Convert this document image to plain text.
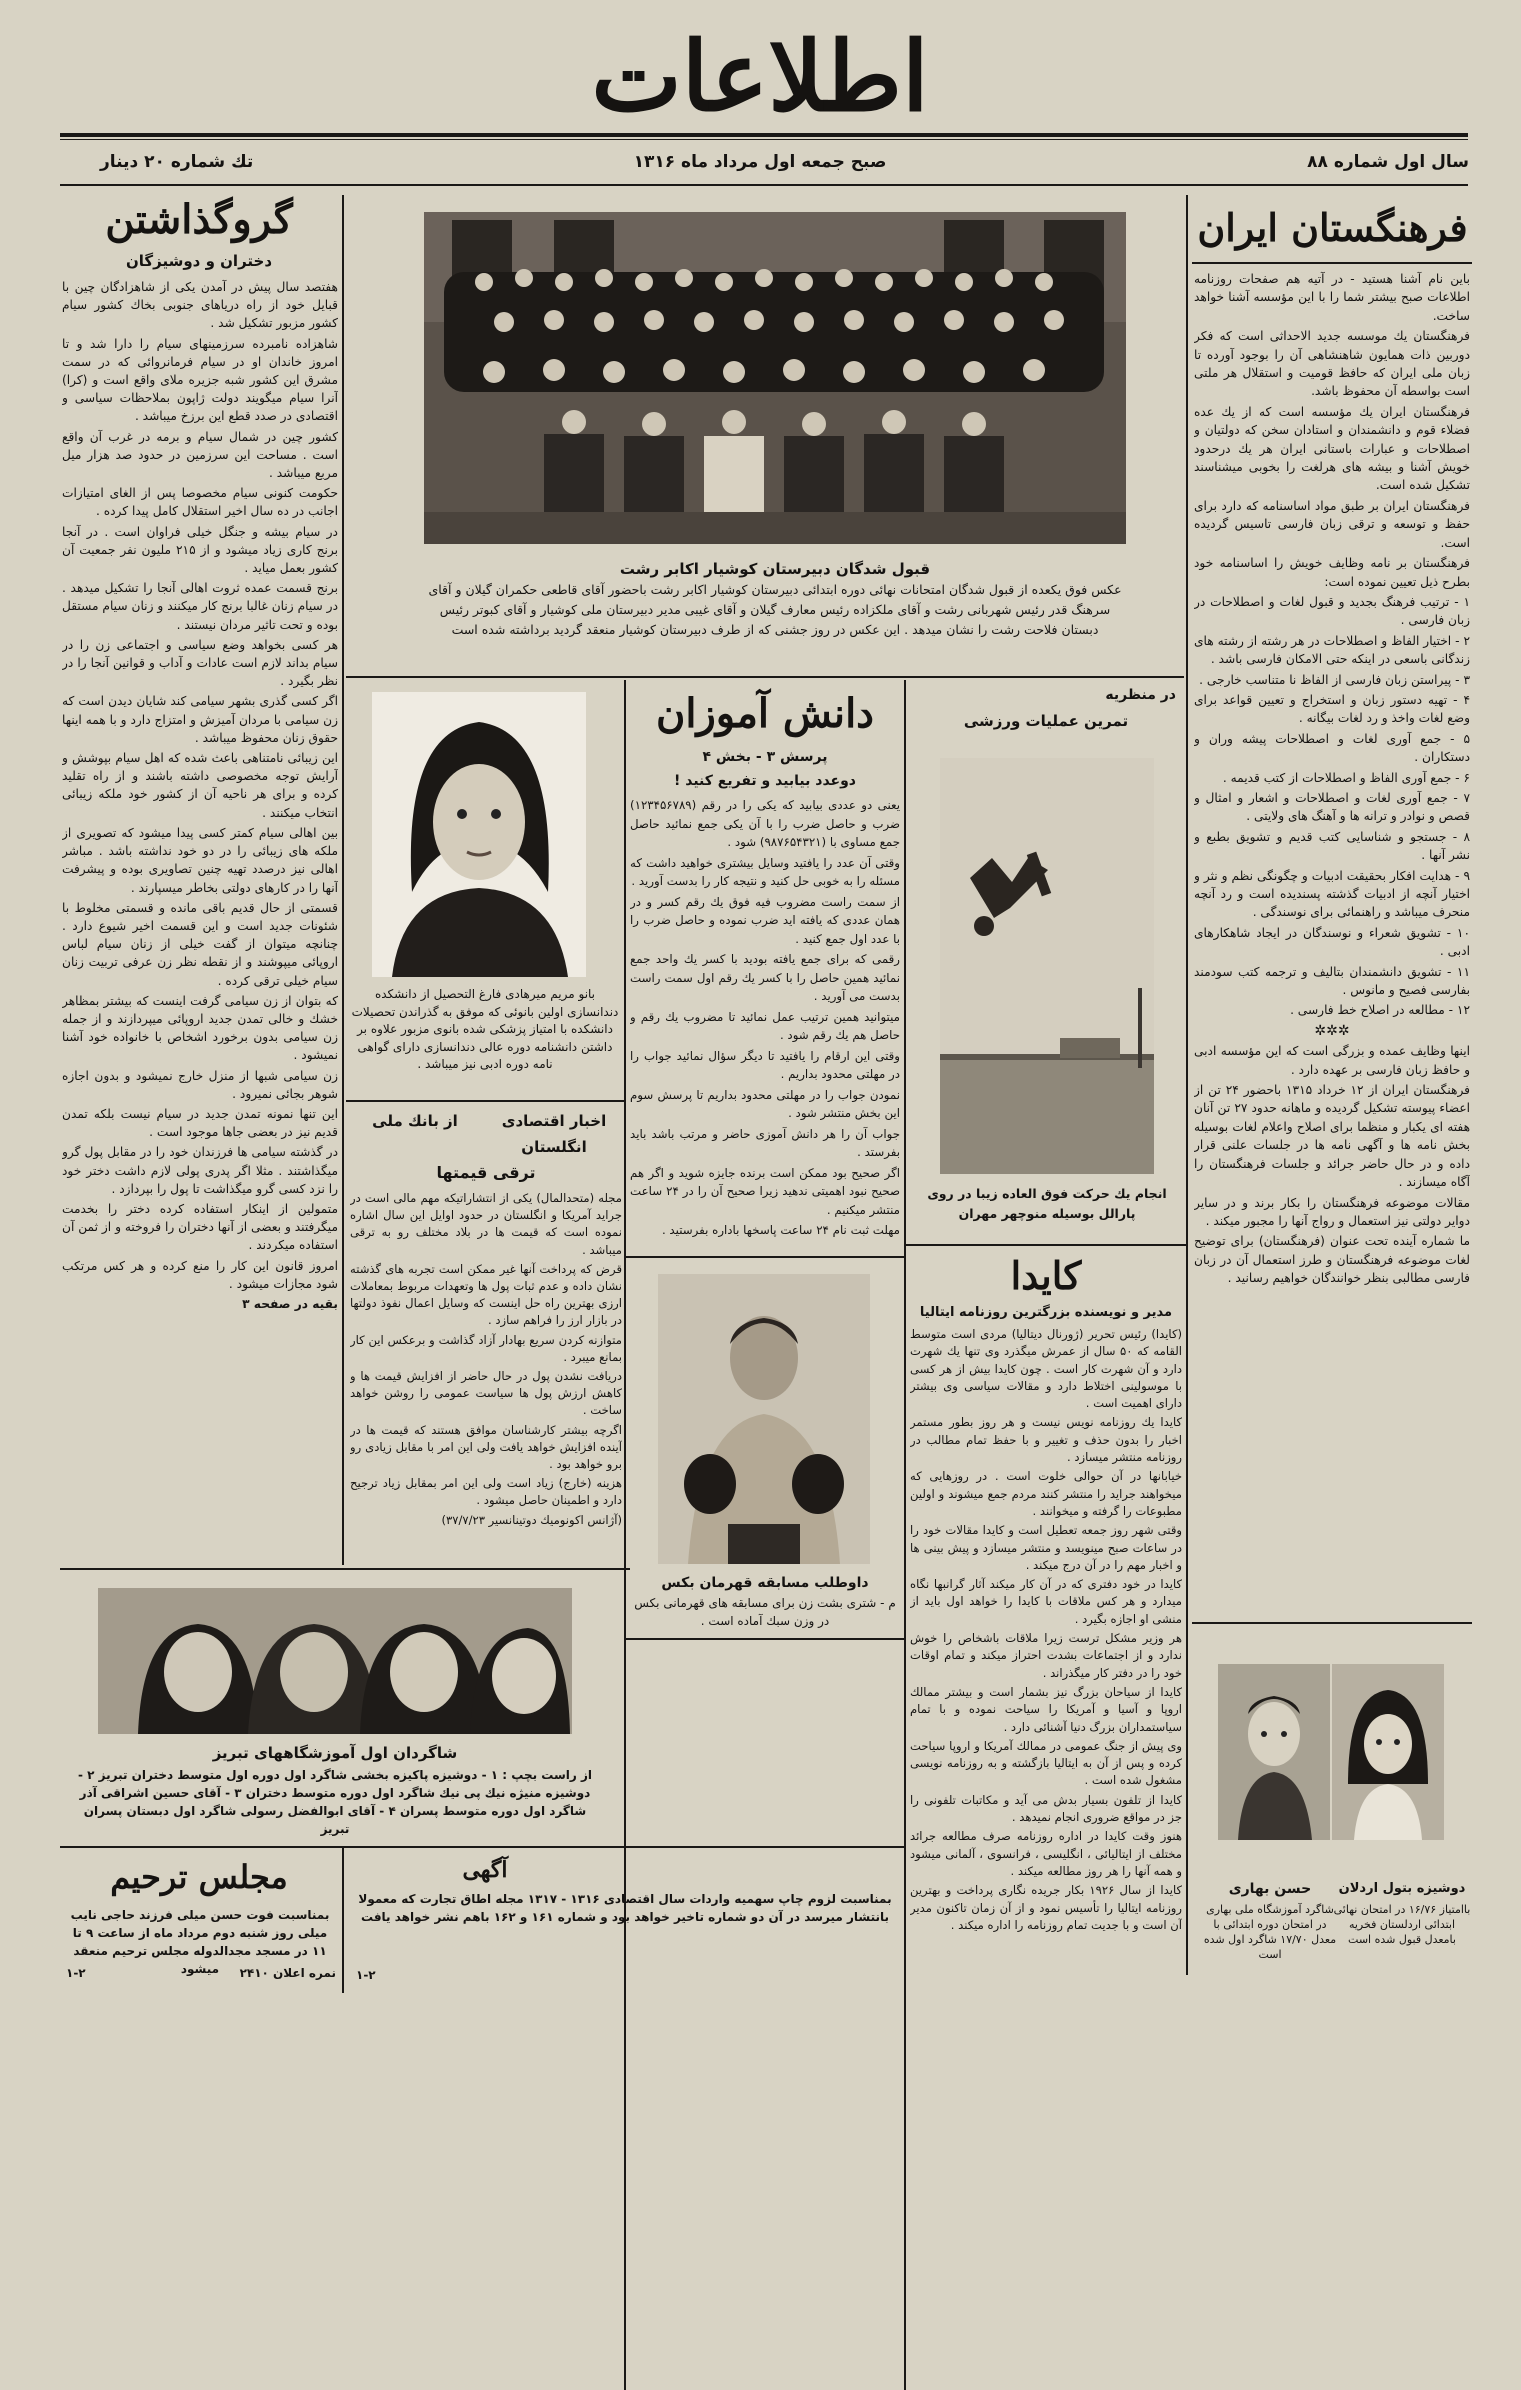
اطلاعات
سال اول شماره ۸۸
صبح جمعه اول مرداد ماه ۱۳۱۶
تك شماره ۲۰ دینار
فرهنگستان ایران

باین نام آشنا هستید - در آتیه هم صفحات روزنامه اطلاعات صبح بیشتر شما را با این مؤسسه آشنا خواهد ساخت.

فرهنگستان یك موسسه جدید الاحداثی است كه فكر دوربین ذات همایون شاهنشاهی آن را بوجود آورده تا زبان ملی ایران كه حافظ قومیت و استقلال هر ملتی است بواسطه آن محفوظ باشد.

فرهنگستان ایران یك مؤسسه است كه از یك عده فضلاء قوم و دانشمندان و استادان سخن كه دولتیان و اصطلاحات و عبارات باستانی ایران هر یك درحدود خویش آشنا و بیشه های هرلغت را بخوبی میشناسند تشكیل شده است.

فرهنگستان ایران بر طبق مواد اساسنامه كه دارد برای حفظ و توسعه و ترقی زبان فارسی تاسیس گردیده است.

فرهنگستان بر نامه وظایف خویش را اساسنامه خود بطرح ذیل تعیین نموده است:

۱ - ترتیب فرهنگ بجدید و قبول لغات و اصطلاحات در زبان فارسی .

۲ - اختیار الفاظ و اصطلاحات در هر رشته از رشته های زندگانی باسعی در اینکه حتی الامكان فارسی باشد .

۳ - پیراستن زبان فارسی از الفاظ نا متناسب خارجی .

۴ - تهیه دستور زبان و استخراج و تعیین قواعد برای وضع لغات واخذ و رد لغات بیگانه .

۵ - جمع آوری لغات و اصطلاحات پیشه وران و دستكاران .

۶ - جمع آوری الفاظ و اصطلاحات از كتب قدیمه .

۷ - جمع آوری لغات و اصطلاحات و اشعار و امثال و قصص و نوادر و ترانه ها و آهنگ های ولایتی .

۸ - جستجو و شناسایی كتب قدیم و تشویق بطبع و نشر آنها .

۹ - هدایت افكار بحقیقت ادبیات و چگونگی نظم و نثر و اختیار آنچه از ادبیات گذشته پسندیده است و رد آنچه منحرف میباشد و راهنمائی برای نوسندگی .

۱۰ - تشویق شعراء و نوسندگان در ایجاد شاهكارهای ادبی .

۱۱ - تشویق دانشمندان بتالیف و ترجمه كتب سودمند بفارسی فصیح و مانوس .

۱۲ - مطالعه در اصلاح خط فارسی .

✲✲✲

اینها وظایف عمده و بزرگی است كه این مؤسسه ادبی و حافظ زبان فارسی بر عهده دارد .

فرهنگستان ایران از ۱۲ خرداد ۱۳۱۵ باحضور ۲۴ تن از اعضاء پیوسته تشكیل گردیده و ماهانه حدود ۲۷ تن آنان هفته ای یكبار و منظما برای اصلاح واعلام لغات بوسیله بخش نامه ها و آگهی نامه ها در جلسات علنی قرار داده و در حال حاضر جرائد و جلسات فرهنگستان را آگاه میسازند .

مقالات موضوعه فرهنگستان را بكار برند و در سایر دوایر دولتی نیز استعمال و رواج آنها را مجبور میكند .

ما شماره آینده تحت عنوان (فرهنگستان) برای توضیح لغات موضوعه فرهنگستان و طرز استعمال آن در زبان فارسی مطالبی بنظر خوانندگان خواهیم رسانید .

حسن بهاری
شاگرد آموزشگاه ملی بهاری در امتحان دوره ابتدائی با معدل ۱۷/۷۰ شاگرد اول شده است
دوشیزه بتول اردلان
باامتیاز ۱۶/۷۶ در امتحان نهائی ابتدائی اردلستان فخریه بامعدل قبول شده است
گروگذاشتن
دختران و دوشیزگان

هفتصد سال پیش در آمدن یكی از شاهزادگان چین با قبایل خود از راه دریاهای جنوبی بخاك كشور سیام كشور مزبور تشكیل شد .

شاهزاده نامبرده سرزمینهای سیام را دارا شد و تا امروز خاندان او در سیام فرمانروائی كه در سمت مشرق این كشور شبه جزیره ملای واقع است و (كرا) آنرا سیام میگویند دولت ژاپون بملاحظات سیاسی و اقتصادی در صدد قطع این برزخ میباشد .

كشور چین در شمال سیام و برمه در غرب آن واقع است . مساحت این سرزمین در حدود صد هزار میل مربع میباشد .

حكومت كنونی سیام مخصوصا پس از الغای امتیازات اجانب در ده سال اخیر استقلال كامل پیدا كرده .

در سیام بیشه و جنگل خیلی فراوان است . در آنجا برنج كاری زیاد میشود و از ۲۱۵ ملیون نفر جمعیت آن كشور بعمل میاید .

برنج قسمت عمده ثروت اهالی آنجا را تشكیل میدهد . در سیام زنان غالبا برنج كار میكنند و زنان سیام مستقل بوده و تحت تاثیر مردان نیستند .

هر كسی بخواهد وضع سیاسی و اجتماعی زن را در سیام بداند لازم است عادات و آداب و قوانین آنجا را در نظر بگیرد .

اگر كسی گذری بشهر سیامی كند شایان دیدن است كه زن سیامی با مردان آمیزش و امتزاج دارد و با همه اینها حقوق زنان محفوظ میباشد .

این زیبائی نامتناهی باعث شده كه اهل سیام بپوشش و آرایش توجه مخصوصی داشته باشند و از راه تقلید كرده و برای هر ناحیه آن از كشور خود ملكه زیبائی انتخاب میكنند .

بین اهالی سیام كمتر كسی پیدا میشود كه تصویری از ملكه های زیبائی را در دو خود نداشته باشد . مباشر اهالی نیز درصدد تهیه چنین تصاویری بوده و پیشرفت آنها را در كارهای دولتی بخاطر میسپارند .

قسمتی از حال قدیم باقی مانده و قسمتی مخلوط با شئونات جدید است و این قسمت اخیر شیوع دارد . چنانچه میتوان از گفت خیلی از زنان سیام لباس اروپائی میپوشند و از نقطه نظر زن عرفی تربیت زنان سیام خیلی ترقی كرده .

كه بتوان از زن سیامی گرفت اینست كه بیشتر بمظاهر خشك و خالی تمدن جدید اروپائی میپردازند و از جمله زن سیامی بدون برخورد اشخاص با خانواده خود آشنا نمیشود .

زن سیامی شبها از منزل خارج نمیشود و بدون اجازه شوهر بجائی نمیرود .

این تنها نمونه تمدن جدید در سیام نیست بلكه تمدن قدیم نیز در بعضی جاها موجود است .

در گذشته سیامی ها فرزندان خود را در مقابل پول گرو میگذاشتند . مثلا اگر پدری پولی لازم داشت دختر خود را نزد كسی گرو میگذاشت تا پول را بپردازد .

متمولین از اینكار استفاده كرده دختر را بخدمت میگرفتند و بعضی از آنها دختران را فروخته و از ثمن آن استفاده میكردند .

امروز قانون این كار را منع كرده و هر كس مرتكب شود مجازات میشود .

بقیه در صفحه ۳

قبول شدگان دبیرستان كوشیار اكابر رشت
عكس فوق یكعده از قبول شدگان امتحانات نهائی دوره ابتدائی دبیرستان كوشیار اكابر رشت باحضور آقای قاطعی حكمران گیلان و آقای سرهنگ قدر رئیس شهربانی رشت و آقای ملكزاده رئیس معارف گیلان و آقای غیبی مدیر دبیرستان ملی كوشیار و آقای كبوتر رئیس دبستان فلاحت رشت را نشان میدهد . این عكس در روز جشنی كه از طرف دبیرستان كوشیار منعقد گردید برداشته شده است
بانو مریم میرهادی فارغ التحصیل از دانشكده دندانسازی اولین بانوئی كه موفق به گذراندن تحصیلات دانشكده با امتیاز پزشكی شده بانوی مزبور علاوه بر داشتن دانشنامه دوره عالی دندانسازی دارای گواهی نامه دوره ادبی نیز میباشد .
اخبار اقتصادی
از بانك ملی
انگلستان
ترقی قیمتها

مجله (متحدالمال) یكی از انتشاراتیكه مهم مالی است در جراید آمریكا و انگلستان در حدود اوایل این سال اشاره نموده است كه قیمت ها در بلاد مختلف رو به ترقی میباشد .

قرض كه پرداخت آنها غیر ممكن است تجربه های گذشته نشان داده و عدم ثبات پول ها وتعهدات مربوط بمعاملات ارزی بهترین راه حل اینست كه وسایل اعمال نفوذ دولتها در بازار ارز را فراهم سازد .

متوازنه كردن سریع بهادار آزاد گذاشت و برعكس این كار بمانع میبرد .

دریافت نشدن پول در حال حاضر از افزایش قیمت ها و كاهش ارزش پول ها سیاست عمومی را روشن خواهد ساخت .

اگرچه بیشتر كارشناسان موافق هستند كه قیمت ها در آینده افزایش خواهد یافت ولی این امر با مقابل زیادی رو برو خواهد بود .

هزینه (خارج) زیاد است ولی این امر بمقابل زیاد ترجیح دارد و اطمینان حاصل میشود .

(آژانس اكونومیك دوتینانسیر ۳۷/۷/۲۳)

دانش آموزان
پرسش ۳ - بخش ۴
دوعدد بیابید و تفریع كنید !

یعنی دو عددی بیابید كه یكی را در رقم (۱۲۳۴۵۶۷۸۹) ضرب و حاصل ضرب را با آن یكی جمع نمائید حاصل جمع مساوی با (۹۸۷۶۵۴۳۲۱) شود .

وقتی آن عدد را یافتید وسایل بیشتری خواهید داشت كه مسئله را به خوبی حل كنید و نتیجه كار را بدست آورید .

از سمت راست مضروب فیه فوق یك رقم كسر و در همان عددی كه یافته اید ضرب نموده و حاصل ضرب را با عدد اول جمع كنید .

رقمی كه برای جمع یافته بودید با كسر یك واحد جمع نمائید همین حاصل را با كسر یك رقم اول سمت راست بدست می آورید .

میتوانید همین ترتیب عمل نمائید تا مضروب یك رقم و حاصل هم یك رقم شود .

وقتی این ارقام را یافتید تا دیگر سؤال نمائید جواب را در مهلتی محدود بداریم .

نمودن جواب را در مهلتی محدود بداریم تا پرسش سوم این بخش منتشر شود .

جواب آن را هر دانش آموزی حاضر و مرتب باشد باید بفرستد .

اگر صحیح بود ممكن است برنده جایزه شوید و اگر هم صحیح نبود اهمیتی ندهید زیرا صحیح آن را در ۲۴ ساعت منتشر میكنیم .

مهلت ثبت نام ۲۴ ساعت پاسخها باداره بفرستید .

داوطلب مسابقه قهرمان بكس
م - شتری بشت زن برای مسابقه های قهرمانی بكس در وزن سبك آماده است .
در منظریه
تمرین عملیات ورزشی
انجام یك حركت فوق العاده زیبا در روی پارالل بوسیله منوچهر مهران
كایدا
مدیر و نویسنده بزرگترین روزنامه ایتالیا

(كایدا) رئیس تحریر (ژورنال دیتالیا) مردی است متوسط القامه كه ۵۰ سال از عمرش میگذرد وی تنها یك شهرت دارد و آن شهرت كار است . چون كایدا بیش از هر كسی با موسولینی اختلاط دارد و مقالات سیاسی وی بیشتر دارای اهمیت است .

كایدا یك روزنامه نویس نیست و هر روز بطور مستمر اخبار را بدون حذف و تغییر و با حفظ تمام مطالب در روزنامه منتشر میسازد .

خیابانها در آن حوالی خلوت است . در روزهایی كه میخواهند جراید را منتشر كنند مردم جمع میشوند و اولین مطبوعات را گرفته و میخوانند .

وقتی شهر روز جمعه تعطیل است و كایدا مقالات خود را در ساعات صبح مینویسد و منتشر میسازد و پیش بینی ها و اخبار مهم را در آن درج میكند .

كایدا در خود دفتری كه در آن كار میكند آثار گرانبها نگاه میدارد و هر كس ملاقات با كایدا را خواهد اول باید از منشی او اجازه بگیرد .

هر وزیر مشكل ترست زیرا ملاقات باشخاص را خوش ندارد و از اجتماعات بشدت احتراز میكند و تمام اوقات خود را در دفتر كار میگذراند .

كایدا از سیاحان بزرگ نیز بشمار است و بیشتر ممالك اروپا و آسیا و آمریكا را سیاحت نموده و با تمام سیاستمداران بزرگ دنیا آشنائی دارد .

وی پیش از جنگ عمومی در ممالك آمریكا و اروپا سیاحت كرده و پس از آن به ایتالیا بازگشته و به روزنامه نویسی مشغول شده است .

كایدا از تلفون بسیار بدش می آید و مكاتبات تلفونی را جز در مواقع ضروری انجام نمیدهد .

هنوز وقت كایدا در اداره روزنامه صرف مطالعه جرائد مختلف از ایتالیائی ، انگلیسی ، فرانسوی ، آلمانی میشود و همه آنها را هر روز مطالعه میكند .

كایدا از سال ۱۹۲۶ بكار جریده نگاری پرداخت و بهترین روزنامه ایتالیا را تأسیس نمود و از آن زمان تاكنون مدیر آن است و با جدیت تمام روزنامه را اداره میكند .

شاگردان اول آموزشگاههای تبریز
از راست بچپ : ۱ - دوشیزه پاكیزه بخشی شاگرد اول دوره اول متوسط دختران تبریز ۲ - دوشیزه منیژه نیك پی نیك شاگرد اول دوره متوسط دختران ۳ - آقای حسین اشراقی آذر شاگرد اول دوره متوسط پسران ۴ - آقای ابوالفضل رسولی شاگرد اول دبستان پسران تبریز
مجلس ترحیم
بمناسبت فوت حسن میلی فرزند حاجی نایب میلی روز شنبه دوم مرداد ماه از ساعت ۹ تا ۱۱ در مسجد مجدالدوله مجلس ترحیم منعقد میشود	نمره اعلان ۲۴۱۰
۱-۲
آگهی
بمناسبت لزوم چاپ سهمیه واردات سال اقتصادی ۱۳۱۶ - ۱۳۱۷ مجله اطاق تجارت كه معمولا بانتشار میرسد در آن دو شماره تاخیر خواهد بود و شماره ۱۶۱ و ۱۶۲ باهم نشر خواهد یافت
۱-۲
